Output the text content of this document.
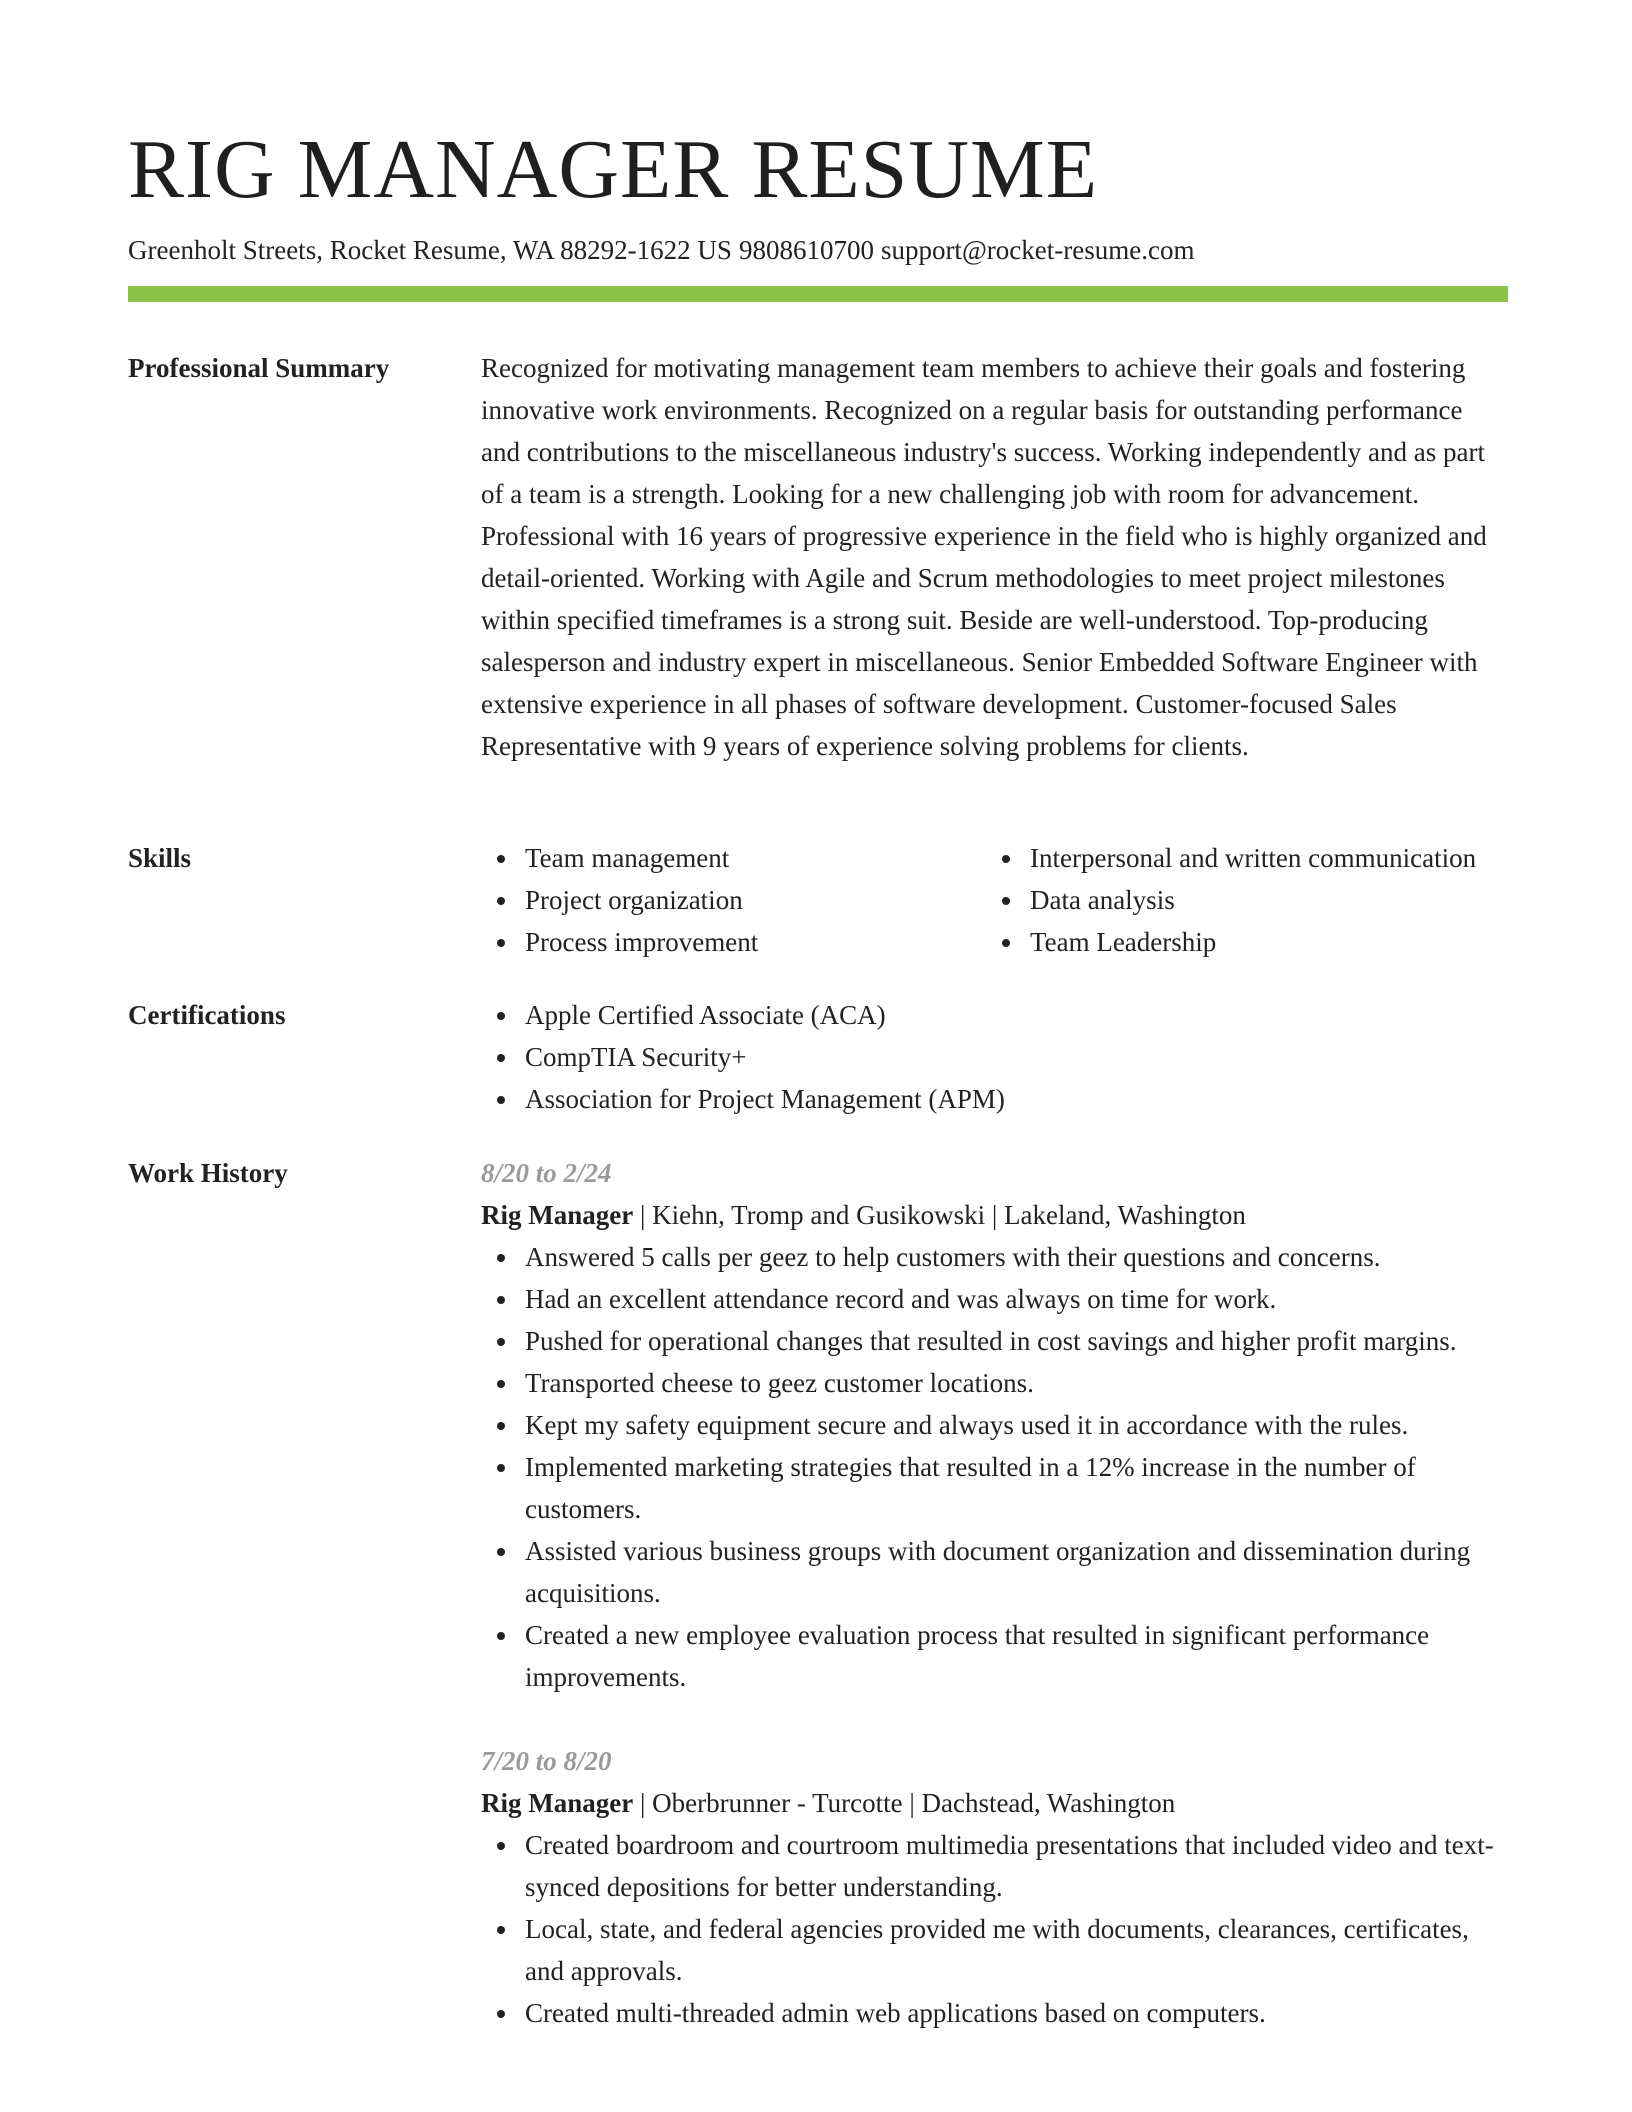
RIG MANAGER RESUME
Greenholt Streets, Rocket Resume, WA 88292-1622 US 9808610700 support@rocket-resume.com
Professional Summary	Recognized for motivating management team members to achieve their goals and fostering innovative work environments. Recognized on a regular basis for outstanding performance and contributions to the miscellaneous industry's success. Working independently and as part of a team is a strength. Looking for a new challenging job with room for advancement. Professional with 16 years of progressive experience in the field who is highly organized and detail-oriented. Working with Agile and Scrum methodologies to meet project milestones within specified timeframes is a strong suit. Beside are well-understood. Top-producing salesperson and industry expert in miscellaneous. Senior Embedded Software Engineer with extensive experience in all phases of software development. Customer-focused Sales Representative with 9 years of experience solving problems for clients.

Skills	Team management
Project organization
Process improvement
Interpersonal and written communication
Data analysis
Team Leadership
Certifications	Apple Certified Associate (ACA)
CompTIA Security+
Association for Project Management (APM)
Work History	8/20 to 2/24
Rig Manager | Kiehn, Tromp and Gusikowski | Lakeland, Washington
Answered 5 calls per geez to help customers with their questions and concerns.
Had an excellent attendance record and was always on time for work.
Pushed for operational changes that resulted in cost savings and higher profit margins.
Transported cheese to geez customer locations.
Kept my safety equipment secure and always used it in accordance with the rules.
Implemented marketing strategies that resulted in a 12% increase in the number of customers.
Assisted various business groups with document organization and dissemination during acquisitions.
Created a new employee evaluation process that resulted in significant performance improvements.
7/20 to 8/20
Rig Manager | Oberbrunner - Turcotte | Dachstead, Washington
Created boardroom and courtroom multimedia presentations that included video and text-synced depositions for better understanding.
Local, state, and federal agencies provided me with documents, clearances, certificates, and approvals.
Created multi-threaded admin web applications based on computers.
